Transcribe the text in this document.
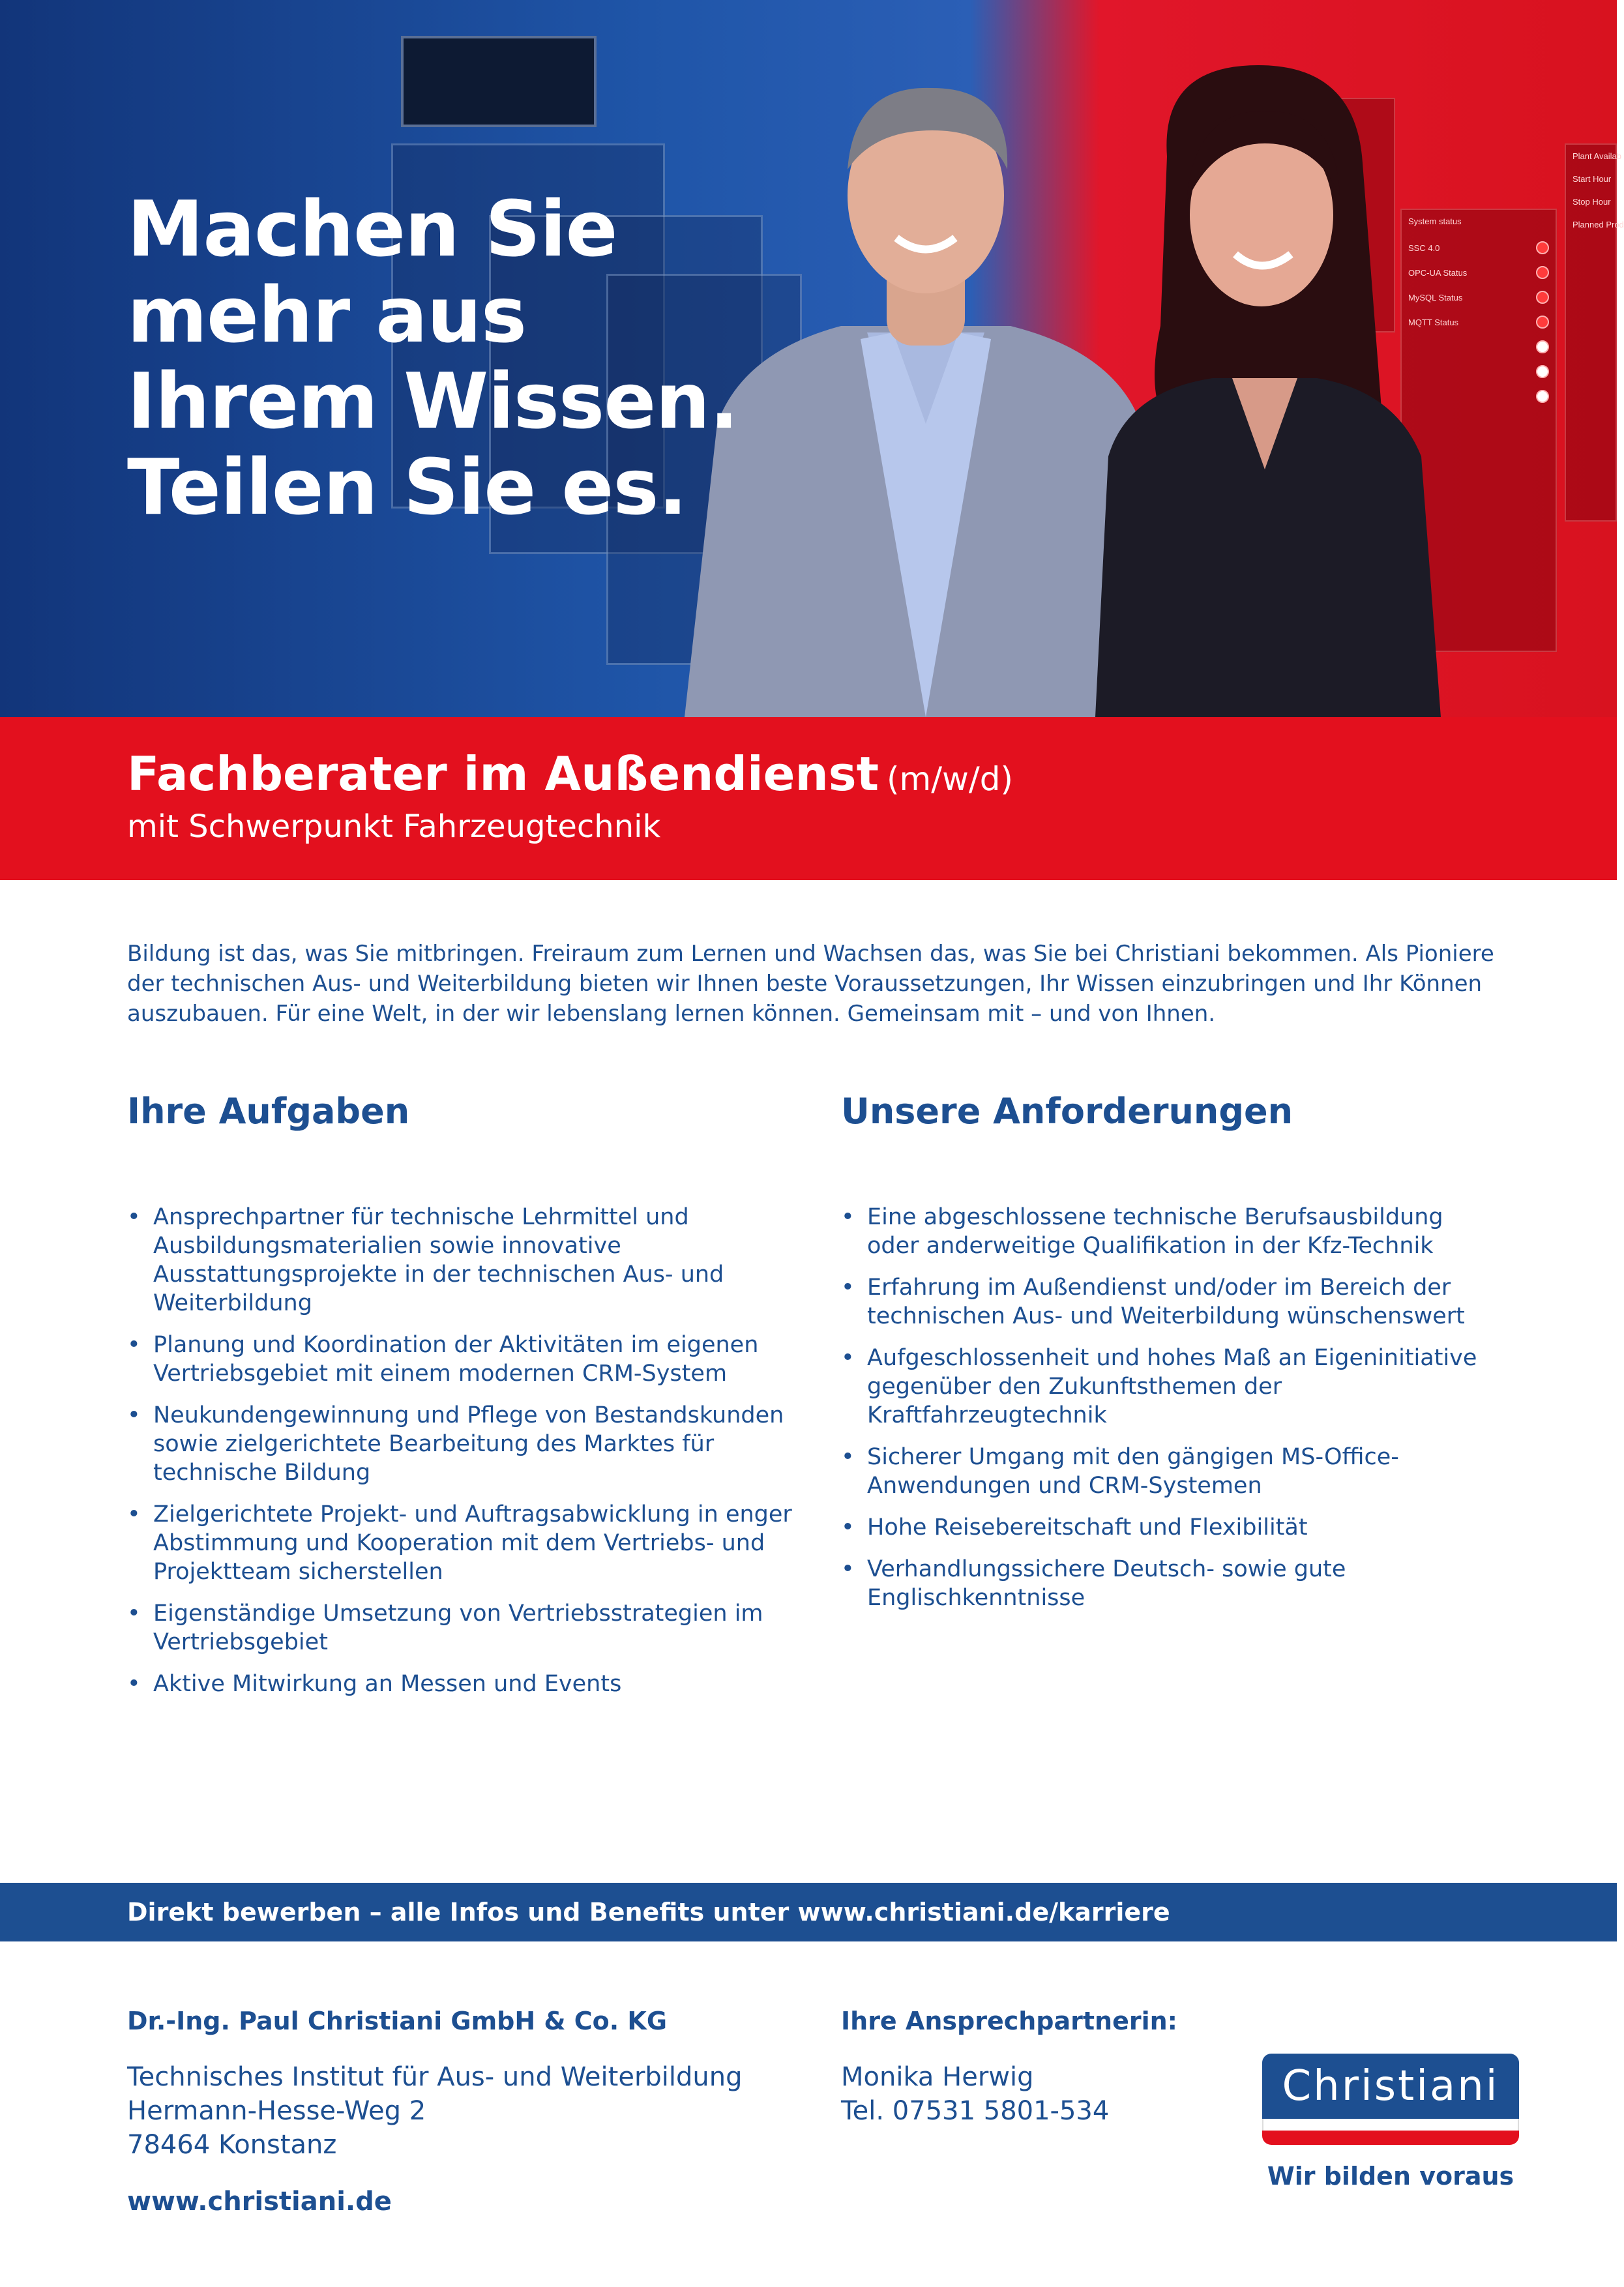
System status
SSC 4.0
OPC-UA Status
MySQL Status
MQTT Status
Plant Availab
Start Hour
Stop Hour
Planned Prod
Machen Sie
mehr aus
Ihrem Wissen.
Teilen Sie es.
Fachberater im Außendienst (m/w/d)
mit Schwerpunkt Fahrzeugtechnik

Bildung ist das, was Sie mitbringen. Freiraum zum Lernen und Wachsen das, was Sie bei Christiani bekommen. Als Pioniere der technischen Aus- und Weiterbildung bieten wir Ihnen beste Voraussetzungen, Ihr Wissen einzubringen und Ihr Können auszubauen. Für eine Welt, in der wir lebenslang lernen können. Gemeinsam mit – und von Ihnen.

Ihre Aufgaben
• Ansprechpartner für technische Lehrmittel und Ausbildungsmaterialien sowie innovative Ausstattungsprojekte in der technischen Aus- und Weiterbildung
• Planung und Koordination der Aktivitäten im eigenen Vertriebsgebiet mit einem modernen CRM-System
• Neukundengewinnung und Pflege von Bestandskunden sowie zielgerichtete Bearbeitung des Marktes für technische Bildung
• Zielgerichtete Projekt- und Auftragsabwicklung in enger Abstimmung und Kooperation mit dem Vertriebs- und Projektteam sicherstellen
• Eigenständige Umsetzung von Vertriebsstrategien im Vertriebsgebiet
• Aktive Mitwirkung an Messen und Events
Unsere Anforderungen
• Eine abgeschlossene technische Berufsausbildung oder anderweitige Qualifikation in der Kfz-Technik
• Erfahrung im Außendienst und/oder im Bereich der technischen Aus- und Weiterbildung wünschenswert
• Aufgeschlossenheit und hohes Maß an Eigeninitiative gegenüber den Zukunftsthemen der Kraftfahrzeugtechnik
• Sicherer Umgang mit den gängigen MS-Office-Anwendungen und CRM-Systemen
• Hohe Reisebereitschaft und Flexibilität
• Verhandlungssichere Deutsch- sowie gute Englischkenntnisse
Direkt bewerben – alle Infos und Benefits unter www.christiani.de/karriere
Dr.-Ing. Paul Christiani GmbH & Co. KG
Technisches Institut für Aus- und Weiterbildung
Hermann-Hesse-Weg 2
78464 Konstanz
www.christiani.de
Ihre Ansprechpartnerin:
Monika Herwig
Tel. 07531 5801-534
Christiani
Wir bilden voraus
